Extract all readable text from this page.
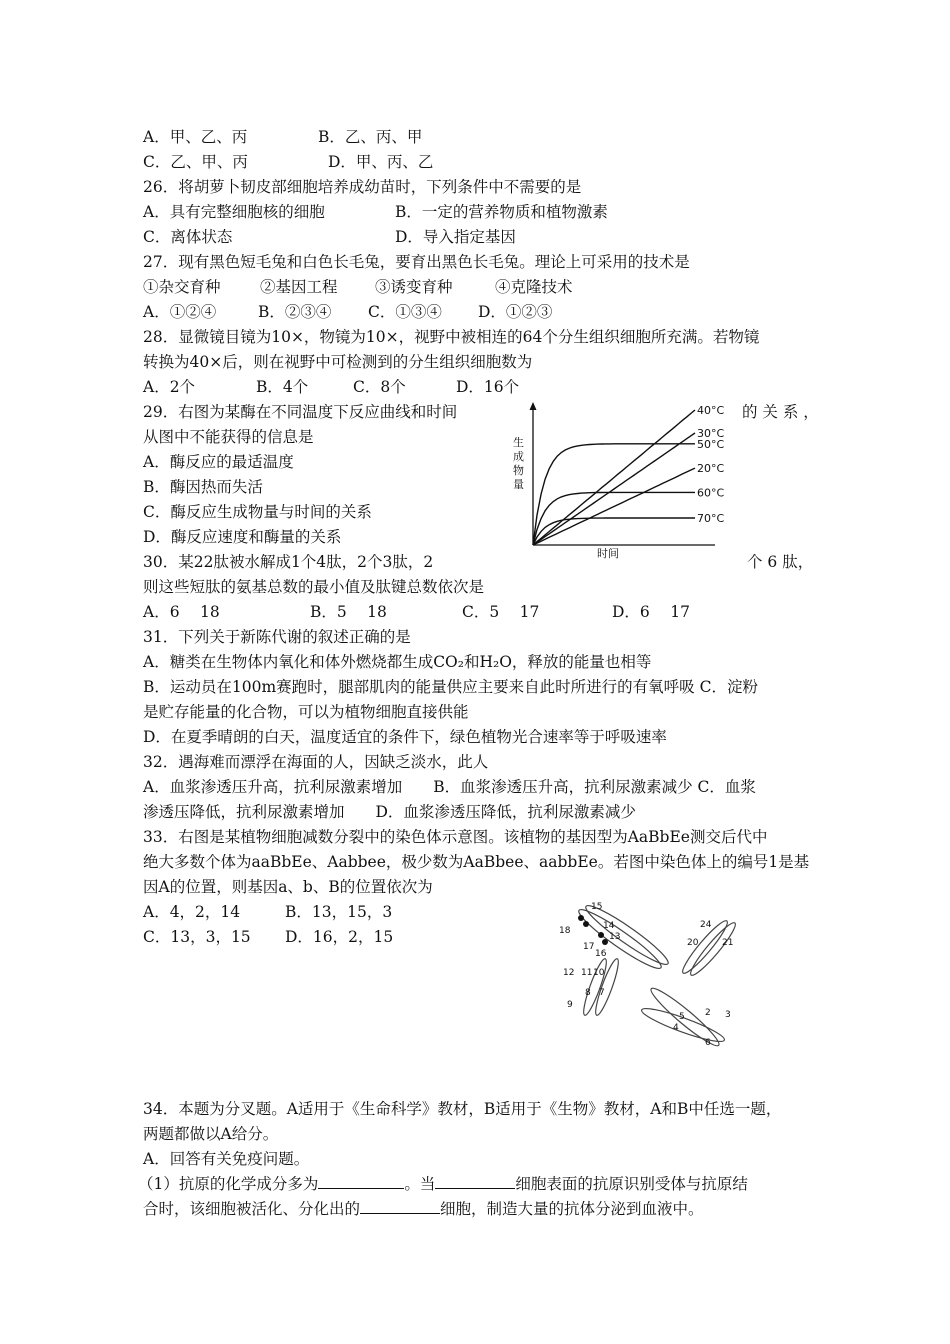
A．甲、乙、丙	B．乙、丙、甲
C．乙、甲、丙	D．甲、丙、乙
26．将胡萝卜韧皮部细胞培养成幼苗时，下列条件中不需要的是
A．具有完整细胞核的细胞	B．一定的营养物质和植物激素
C．离体状态	D．导入指定基因
27．现有黑色短毛兔和白色长毛兔，要育出黑色长毛兔。理论上可采用的技术是
①杂交育种	②基因工程 ③诱变育种	④克隆技术
A．①②④	B．②③④ C．①③④ D．①②③
28．显微镜目镜为10×，物镜为10×，视野中被相连的64个分生组织细胞所充满。若物镜
转换为40×后，则在视野中可检测到的分生组织细胞数为
A．2个	B．4个	C．8个	D．16个
29．右图为某酶在不同温度下反应曲线和时间	的 关 系 ，
从图中不能获得的信息是
A．酶反应的最适温度
B．酶因热而失活
C．酶反应生成物量与时间的关系
D．酶反应速度和酶量的关系
生
成
物
量
时间
40°C
30°C
50°C
20°C
60°C
70°C
30．某22肽被水解成1个4肽，2个3肽，2	个 6 肽，
则这些短肽的氨基总数的最小值及肽键总数依次是
A．6　 18	B．5　 18	C．5　 17	D．6　 17
31．下列关于新陈代谢的叙述正确的是
A．糖类在生物体内氧化和体外燃烧都生成CO₂和H₂O，释放的能量也相等
B．运动员在100m赛跑时，腿部肌肉的能量供应主要来自此时所进行的有氧呼吸 C．淀粉
是贮存能量的化合物，可以为植物细胞直接供能
D．在夏季晴朗的白天，温度适宜的条件下，绿色植物光合速率等于呼吸速率
32．遇海难而漂浮在海面的人，因缺乏淡水，此人
A．血浆渗透压升高，抗利尿激素增加　　B．血浆渗透压升高，抗利尿激素减少 C．血浆
渗透压降低，抗利尿激素增加　　D．血浆渗透压降低，抗利尿激素减少
33．右图是某植物细胞减数分裂中的染色体示意图。该植物的基因型为AaBbEe测交后代中
绝大多数个体为aaBbEe、Aabbee，极少数为AaBbee、aabbEe。若图中染色体上的编号1是基
因A的位置，则基因a、b、B的位置依次为
A．4，2，14	B．13，15，3
C．13，3，15 D．16，2，15
15
14
18
17
16
13
20
24
21
12 11 10
8 7
9
3
2
4
6
5
34．本题为分叉题。A适用于《生命科学》教材，B适用于《生物》教材，A和B中任选一题，
两题都做以A给分。
A．回答有关免疫问题。
（1）抗原的化学成分多为	。当	细胞表面的抗原识别受体与抗原结
合时，该细胞被活化、分化出的	细胞，制造大量的抗体分泌到血液中。
